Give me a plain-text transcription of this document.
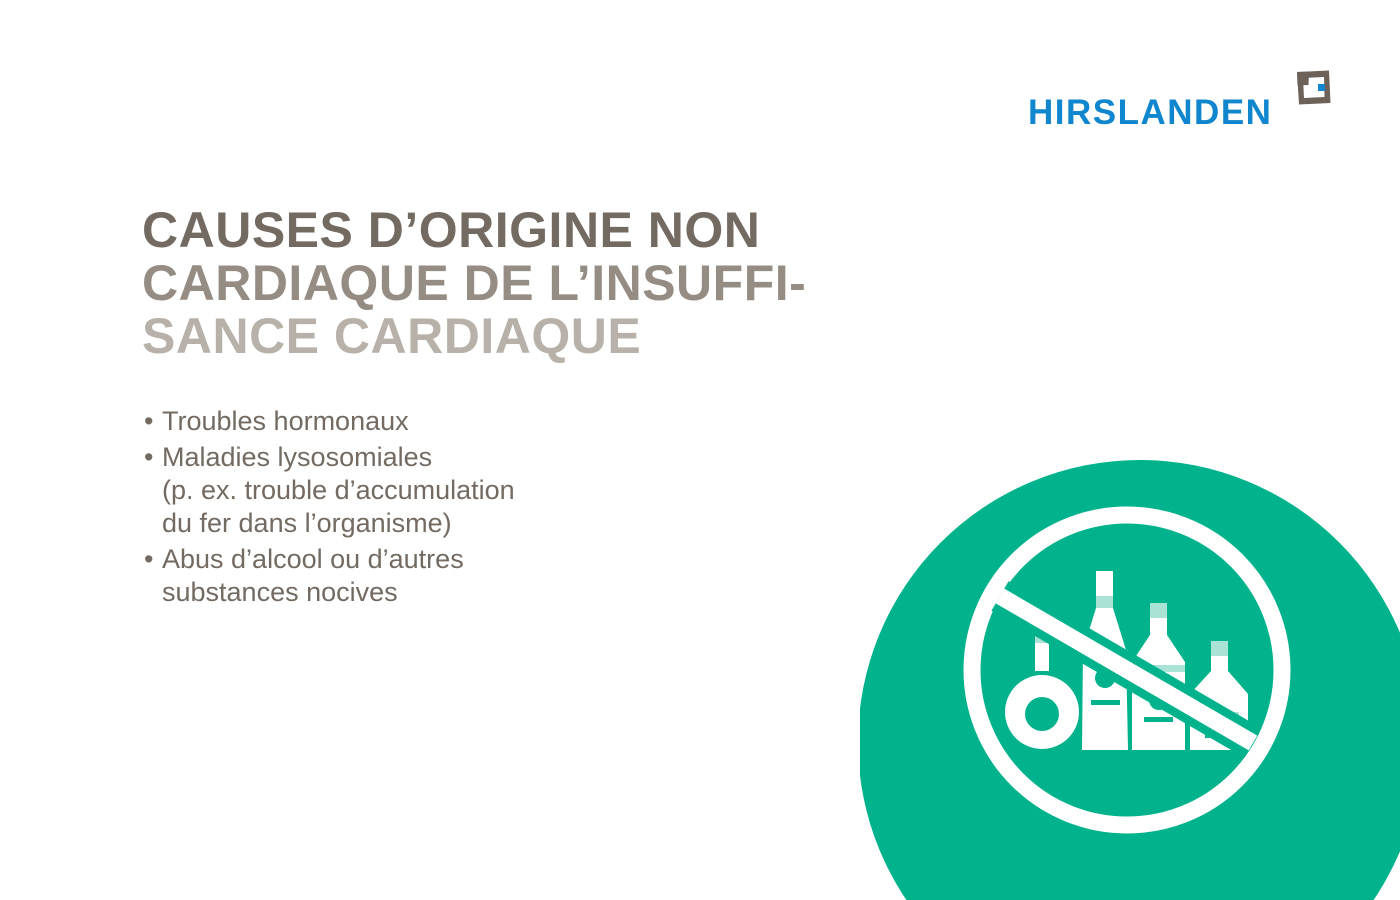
HIRSLANDEN
CAUSES D’ORIGINE NON
CARDIAQUE DE L’INSUFFI-
SANCE CARDIAQUE
• Troubles hormonaux
• Maladies lysosomiales
(p. ex. trouble d’accumulation
du fer dans l’organisme)
• Abus d’alcool ou d’autres
substances nocives
